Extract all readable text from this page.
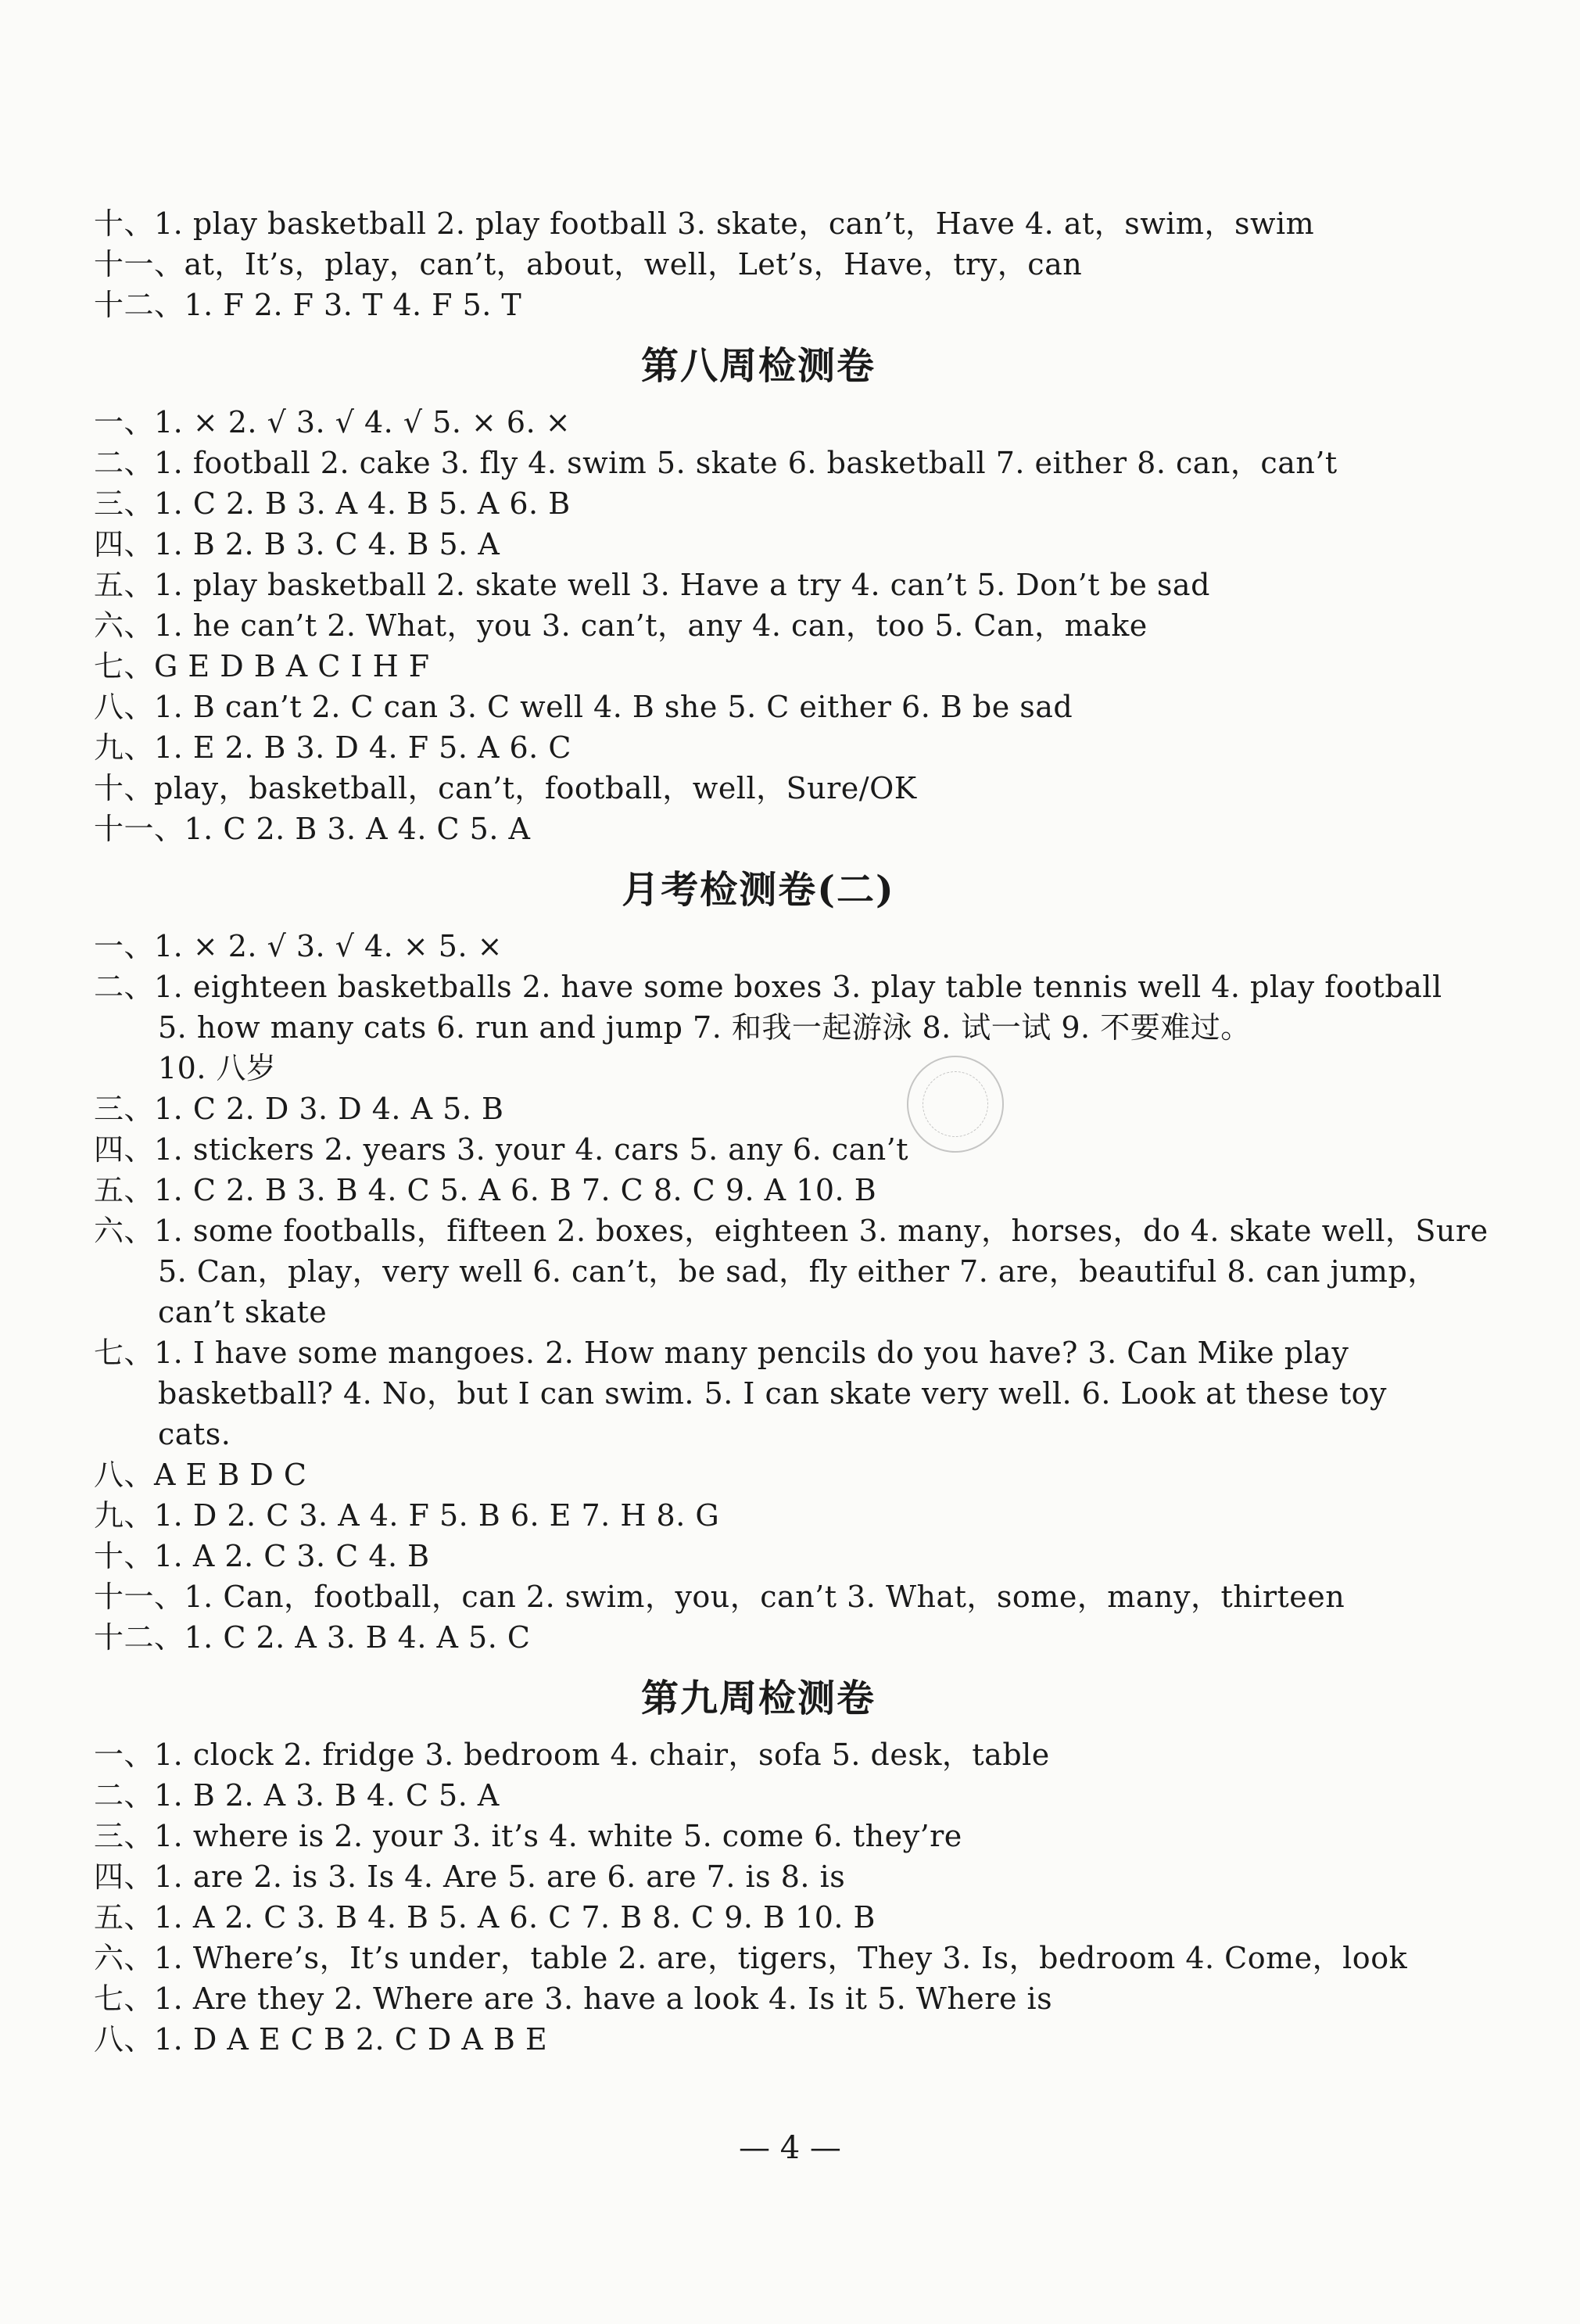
十、1. play basketball 2. play football 3. skate，can’t，Have 4. at，swim，swim
十一、at，It’s，play，can’t，about，well，Let’s，Have，try，can
十二、1. F 2. F 3. T 4. F 5. T
第八周检测卷
一、1. × 2. √ 3. √ 4. √ 5. × 6. ×
二、1. football 2. cake 3. fly 4. swim 5. skate 6. basketball 7. either 8. can，can’t
三、1. C 2. B 3. A 4. B 5. A 6. B
四、1. B 2. B 3. C 4. B 5. A
五、1. play basketball 2. skate well 3. Have a try 4. can’t 5. Don’t be sad
六、1. he can’t 2. What，you 3. can’t，any 4. can，too 5. Can，make
七、G E D B A C I H F
八、1. B can’t 2. C can 3. C well 4. B she 5. C either 6. B be sad
九、1. E 2. B 3. D 4. F 5. A 6. C
十、play，basketball，can’t，football，well，Sure/OK
十一、1. C 2. B 3. A 4. C 5. A
月考检测卷(二)
一、1. × 2. √ 3. √ 4. × 5. ×
二、1. eighteen basketballs 2. have some boxes 3. play table tennis well 4. play football
5. how many cats 6. run and jump 7. 和我一起游泳 8. 试一试 9. 不要难过。
10. 八岁
三、1. C 2. D 3. D 4. A 5. B
四、1. stickers 2. years 3. your 4. cars 5. any 6. can’t
五、1. C 2. B 3. B 4. C 5. A 6. B 7. C 8. C 9. A 10. B
六、1. some footballs，fifteen 2. boxes，eighteen 3. many，horses，do 4. skate well，Sure
5. Can，play，very well 6. can’t，be sad，fly either 7. are，beautiful 8. can jump，
can’t skate
七、1. I have some mangoes. 2. How many pencils do you have? 3. Can Mike play
basketball? 4. No，but I can swim. 5. I can skate very well. 6. Look at these toy
cats.
八、A E B D C
九、1. D 2. C 3. A 4. F 5. B 6. E 7. H 8. G
十、1. A 2. C 3. C 4. B
十一、1. Can，football，can 2. swim，you，can’t 3. What，some，many，thirteen
十二、1. C 2. A 3. B 4. A 5. C
第九周检测卷
一、1. clock 2. fridge 3. bedroom 4. chair，sofa 5. desk，table
二、1. B 2. A 3. B 4. C 5. A
三、1. where is 2. your 3. it’s 4. white 5. come 6. they’re
四、1. are 2. is 3. Is 4. Are 5. are 6. are 7. is 8. is
五、1. A 2. C 3. B 4. B 5. A 6. C 7. B 8. C 9. B 10. B
六、1. Where’s，It’s under，table 2. are，tigers，They 3. Is，bedroom 4. Come，look
七、1. Are they 2. Where are 3. have a look 4. Is it 5. Where is
八、1. D A E C B 2. C D A B E
— 4 —
